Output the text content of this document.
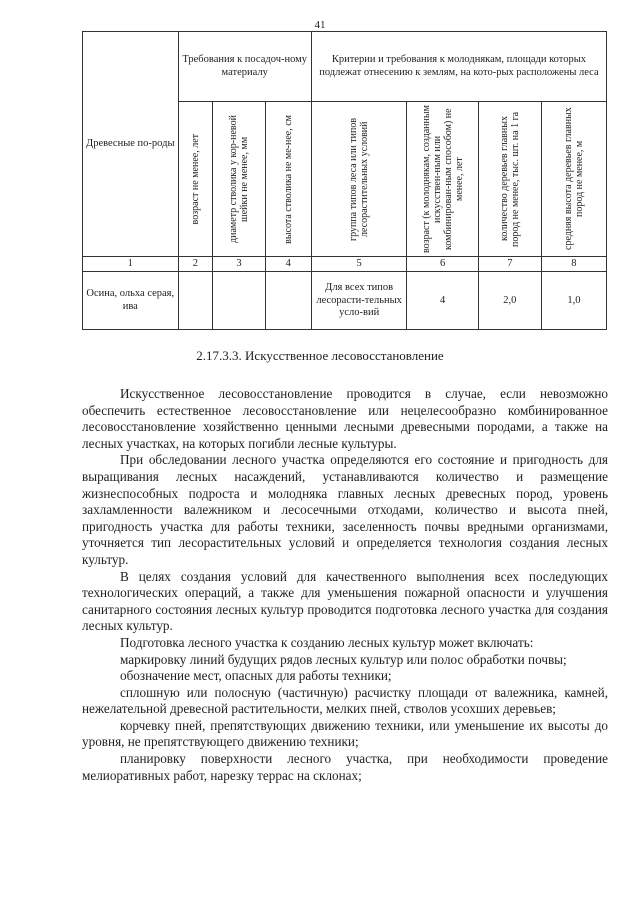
41
Древесные по-роды	Требования к посадоч-ному материалу			Критерии и требования к молоднякам, площади которых подлежат отнесению к землям, на кото-рых расположены леса			

	возраст не менее, лет	диаметр стволика у кор-невой шейки не менее, мм	высота стволика не ме-нее, см	группа типов леса или типов лесорастительных условий	возраст (к молоднякам, созданным искусствен-ным или комбинирован-ным способом) не менее, лет	количество деревьев главных пород не менее, тыс. шт. на 1 га	средняя высота деревьев главных пород не менее, м

1	2	3	4	5	6	7	8
Осина, ольха серая, ива				Для всех типов лесорасти-тельных усло-вий	4	2,0	1,0
2.17.3.3. Искусственное лесовосстановление

Искусственное лесовосстановление проводится в случае, если невозможно обеспечить естественное лесовосстановление или нецелесообразно комбинированное лесовосстановление хозяйственно ценными лесными древесными породами, а также на лесных участках, на которых погибли лесные культуры.

При обследовании лесного участка определяются его состояние и пригодность для выращивания лесных насаждений, устанавливаются количество и размещение жизнеспособных подроста и молодняка главных лесных древесных пород, уровень захламленности валежником и лесосечными отходами, количество и высота пней, пригодность участка для работы техники, заселенность почвы вредными организмами, уточняется тип лесорастительных условий и определяется технология создания лесных культур.

В целях создания условий для качественного выполнения всех последующих технологических операций, а также для уменьшения пожарной опасности и улучшения санитарного состояния лесных культур проводится подготовка лесного участка для создания лесных культур.

Подготовка лесного участка к созданию лесных культур может включать:

маркировку линий будущих рядов лесных культур или полос обработки почвы;

обозначение мест, опасных для работы техники;

сплошную или полосную (частичную) расчистку площади от валежника, камней, нежелательной древесной растительности, мелких пней, стволов усохших деревьев;

корчевку пней, препятствующих движению техники, или уменьшение их высоты до уровня, не препятствующего движению техники;

планировку поверхности лесного участка, при необходимости проведение мелиоративных работ, нарезку террас на склонах;
